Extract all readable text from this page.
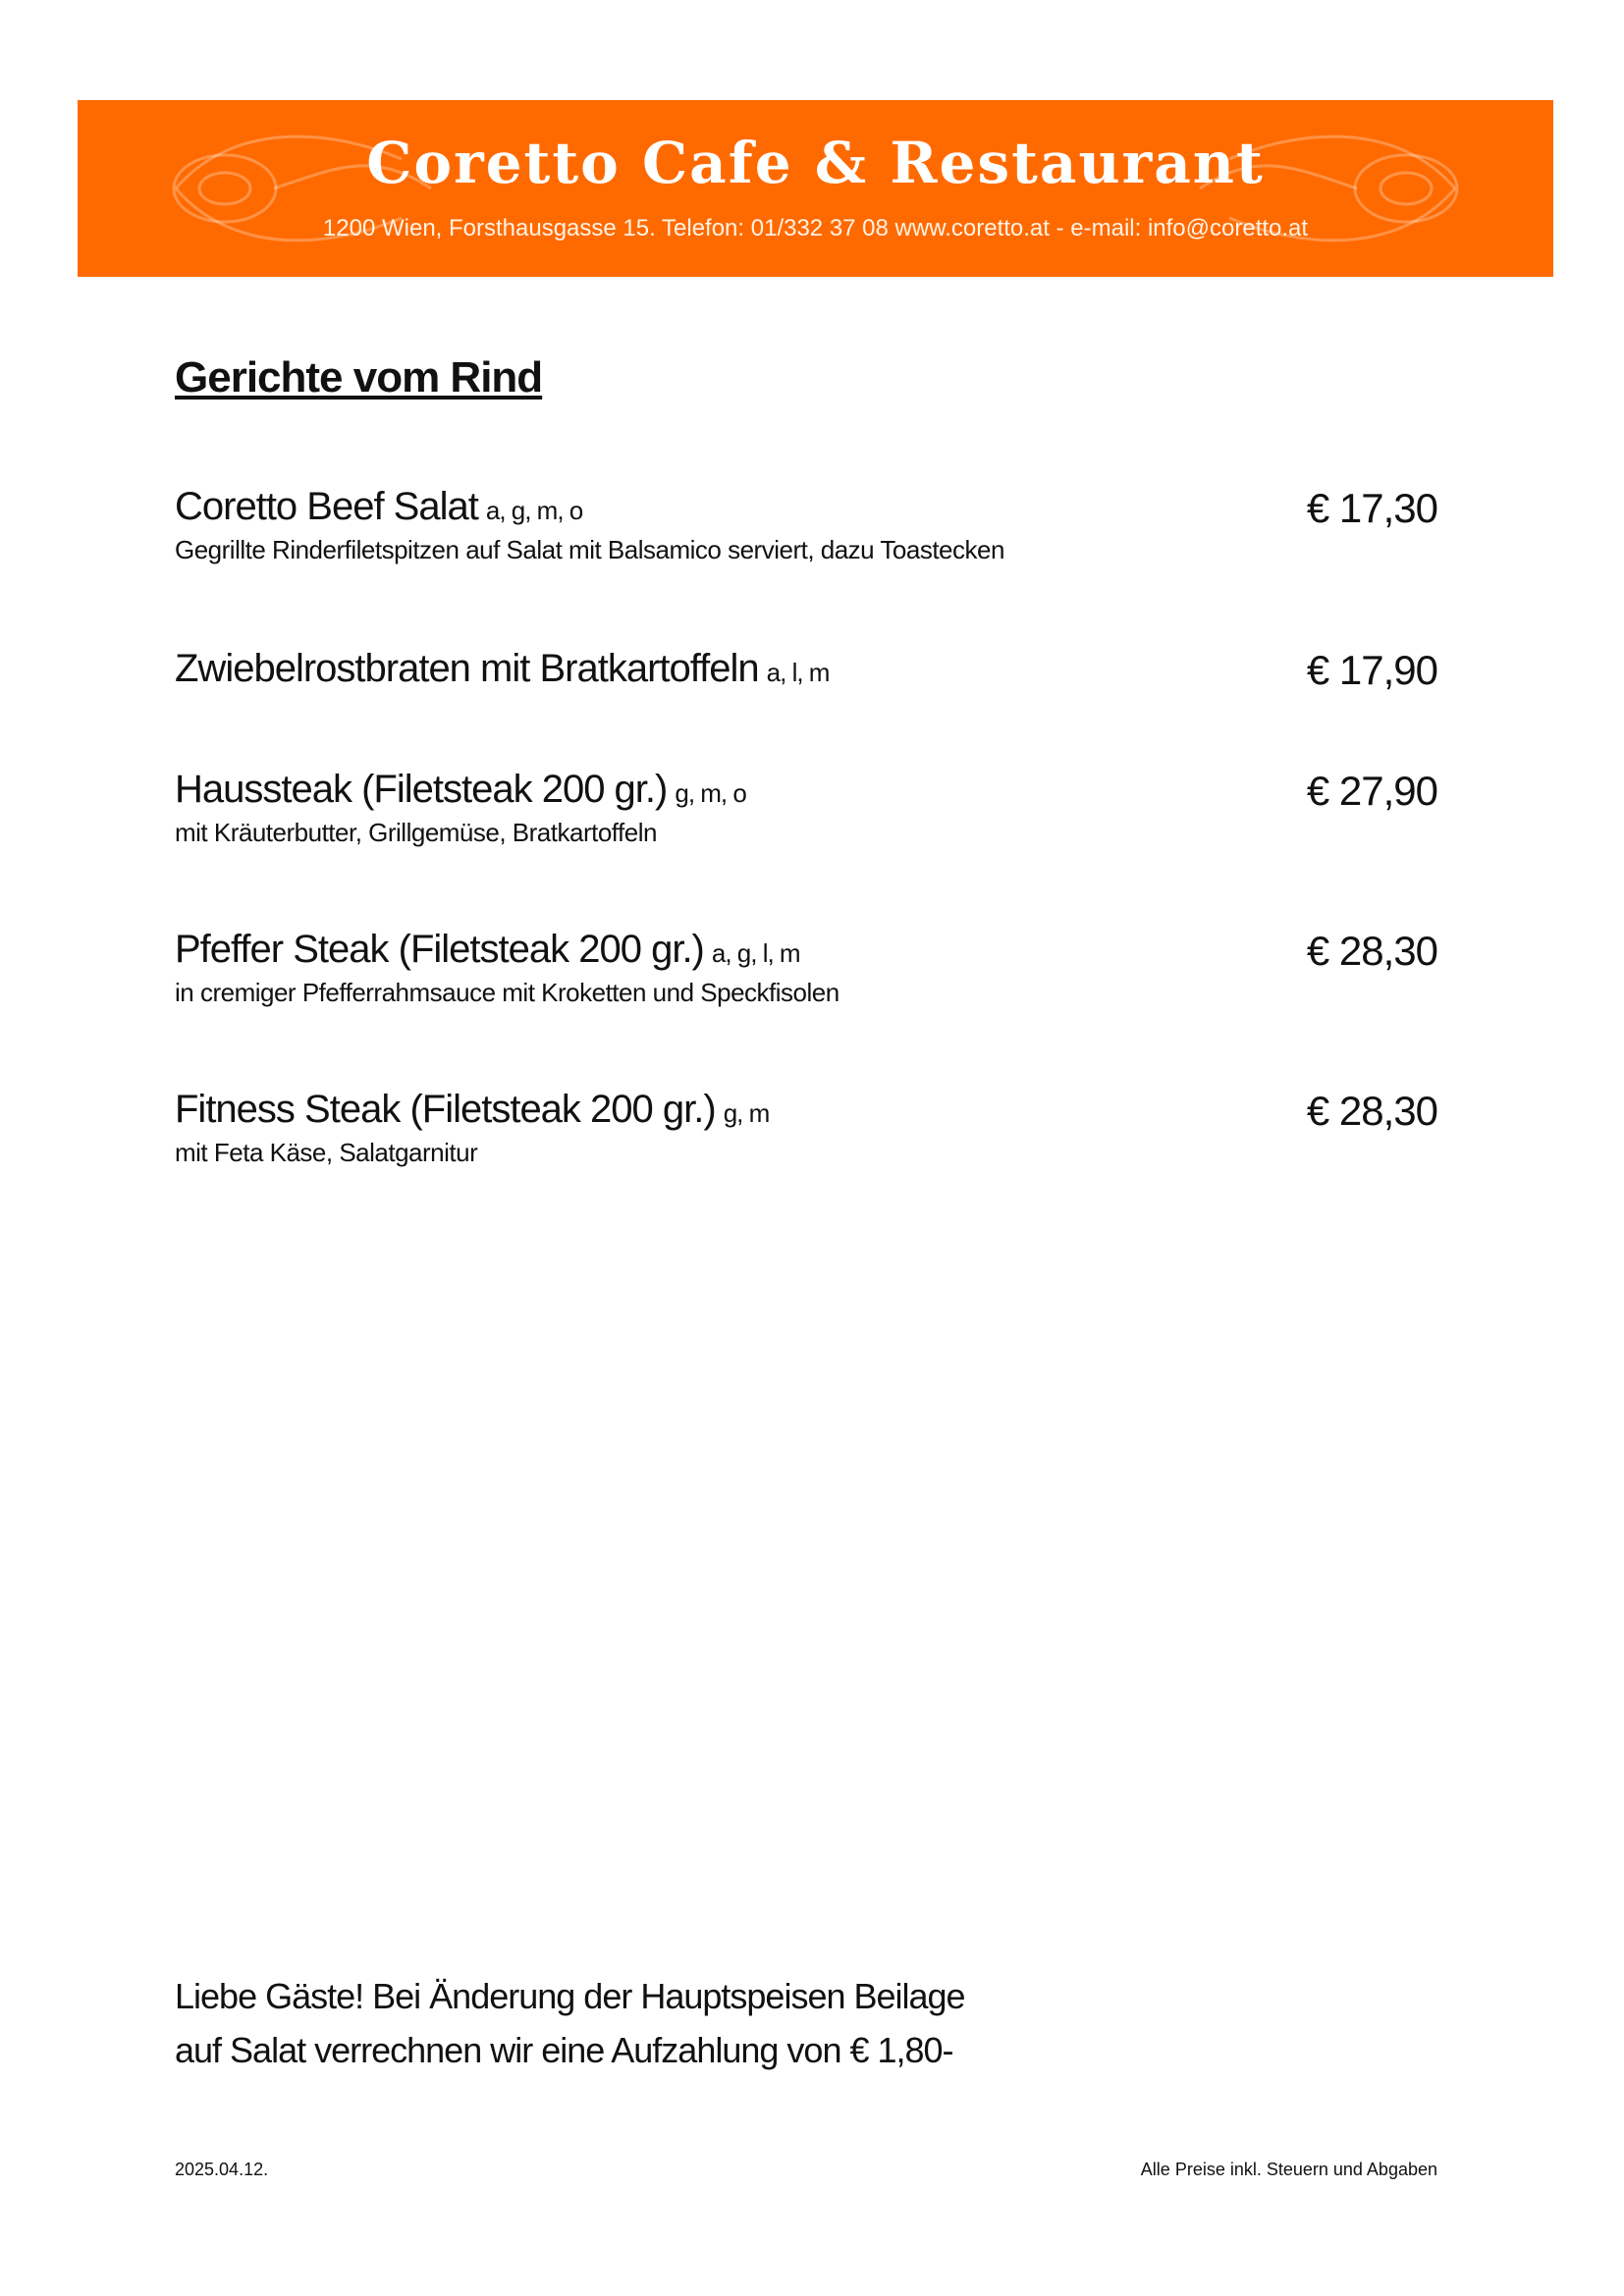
Coretto Cafe & Restaurant
1200 Wien, Forsthausgasse 15. Telefon: 01/332 37 08 www.coretto.at - e-mail: info@coretto.at
Gerichte vom Rind
Coretto Beef Salat a, g, m, o
Gegrillte Rinderfiletspitzen auf Salat mit Balsamico serviert, dazu Toastecken
€ 17,30
Zwiebelrostbraten mit Bratkartoffeln a, l, m	€ 17,90
Haussteak (Filetsteak 200 gr.) g, m, o
mit Kräuterbutter, Grillgemüse, Bratkartoffeln
€ 27,90
Pfeffer Steak (Filetsteak 200 gr.) a, g, l, m
in cremiger Pfefferrahmsauce mit Kroketten und Speckfisolen
€ 28,30
Fitness Steak (Filetsteak 200 gr.) g, m
mit Feta Käse, Salatgarnitur
€ 28,30
Liebe Gäste! Bei Änderung der Hauptspeisen Beilage
auf Salat verrechnen wir eine Aufzahlung von € 1,80-
2025.04.12.	Alle Preise inkl. Steuern und Abgaben
